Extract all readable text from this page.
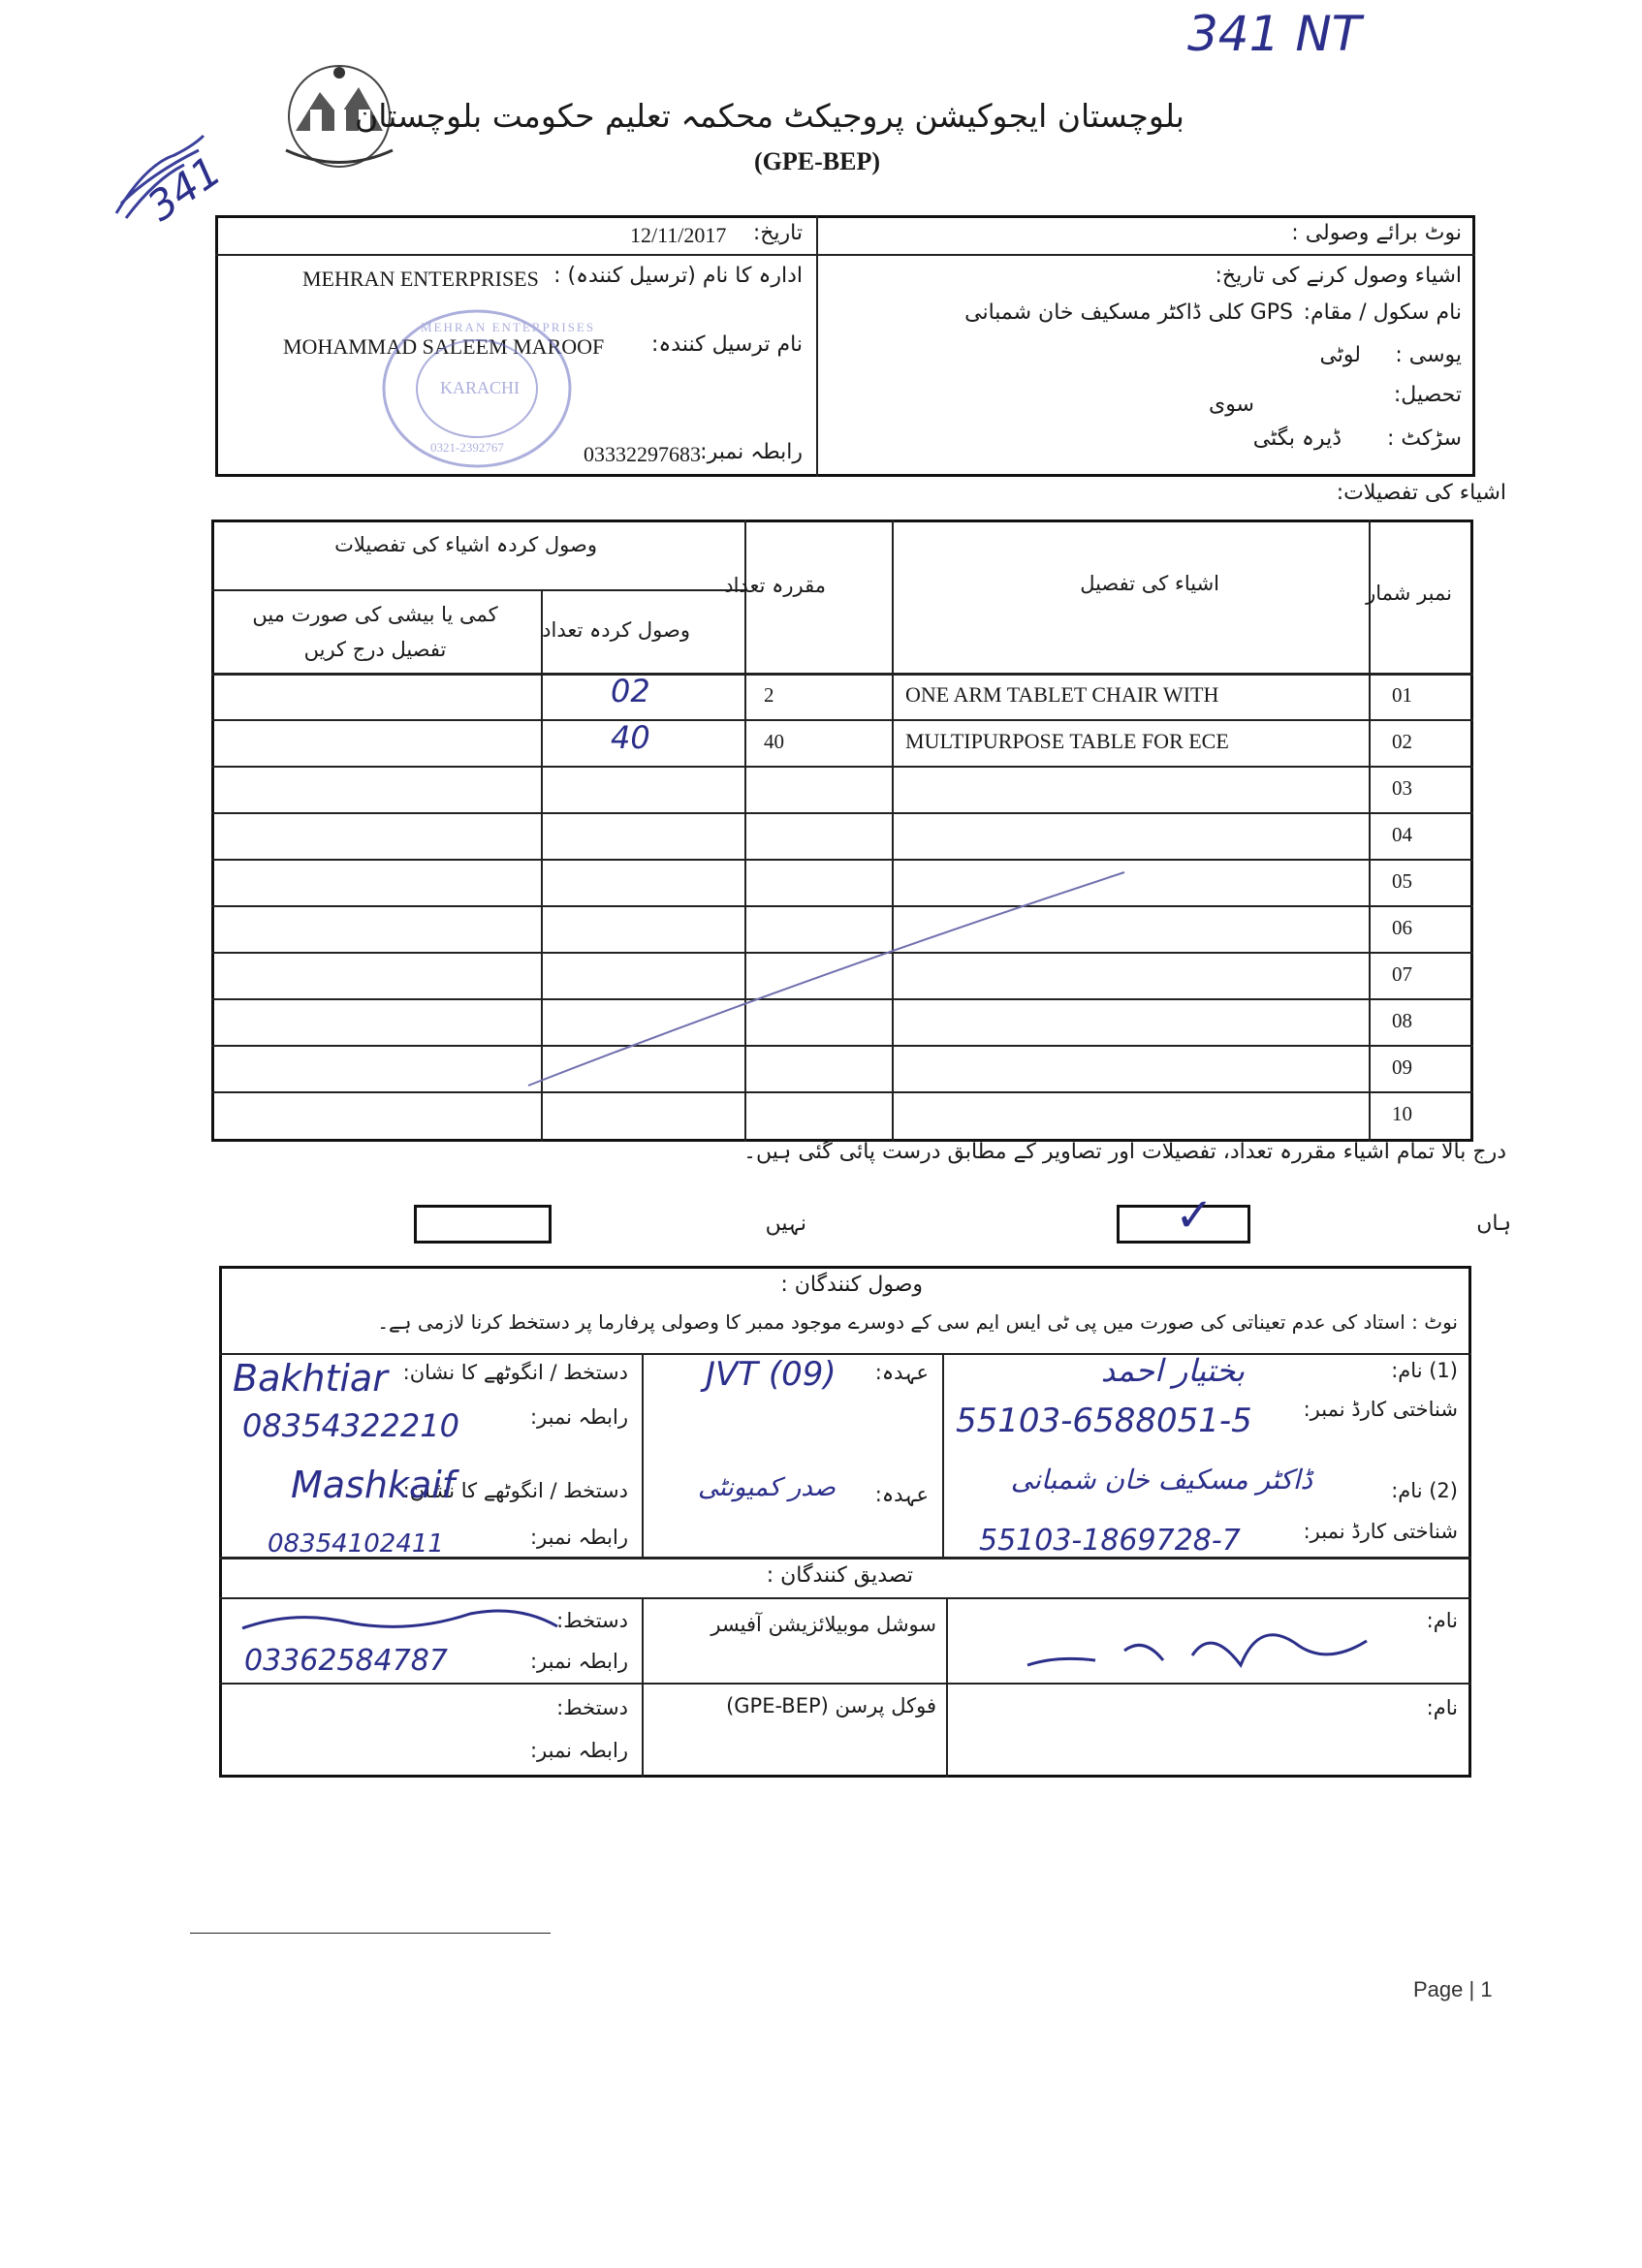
341 NT
341
بلوچستان ایجوکیشن پروجیکٹ محکمہ تعلیم حکومت بلوچستان
(GPE-BEP)
نوٹ برائے وصولی :
تاریخ:
12/11/2017
اشیاء وصول کرنے کی تاریخ:
نام سکول / مقام:
GPS کلی ڈاکٹر مسکیف خان شمبانی
یوسی :
لوٹی
تحصیل:
سوی
سڑکٹ :
ڈیرہ بگٹی
ادارہ کا نام (ترسیل کنندہ) :
MEHRAN ENTERPRISES
نام ترسیل کنندہ:
MOHAMMAD SALEEM MAROOF
رابطہ نمبر:
03332297683
MEHRAN ENTERPRISES
KARACHI
0321-2392767
اشیاء کی تفصیلات:
نمبر شمار
اشیاء کی تفصیل
مقررہ تعداد
وصول کردہ اشیاء کی تفصیلات
وصول کردہ تعداد
کمی یا بیشی کی صورت میں تفصیل درج کریں
01
ONE ARM TABLET CHAIR WITH
2
02
02
MULTIPURPOSE TABLE FOR ECE
40
40
03
04
05
06
07
08
09
10
درج بالا تمام اشیاء مقررہ تعداد، تفصیلات اور تصاویر کے مطابق درست پائی گئی ہیں۔
ہاں
✓
نہیں
وصول کنندگان :
نوٹ : استاد کی عدم تعیناتی کی صورت میں پی ٹی ایس ایم سی کے دوسرے موجود ممبر کا وصولی پرفارما پر دستخط کرنا لازمی ہے۔
(1) نام:
بختیار احمد
شناختی کارڈ نمبر:
55103-6588051-5
عہدہ:
JVT (09)
دستخط / انگوٹھے کا نشان:
Bakhtiar
رابطہ نمبر:
08354322210
(2) نام:
ڈاکٹر مسکیف خان شمبانی
شناختی کارڈ نمبر:
55103-1869728-7
عہدہ:
صدر کمیونٹی
دستخط / انگوٹھے کا نشان:
Mashkaif
رابطہ نمبر:
08354102411
تصدیق کنندگان :
نام:
سوشل موبیلائزیشن آفیسر
دستخط:
رابطہ نمبر:
03362584787
نام:
فوکل پرسن (GPE-BEP)
دستخط:
رابطہ نمبر:
Page | 1
